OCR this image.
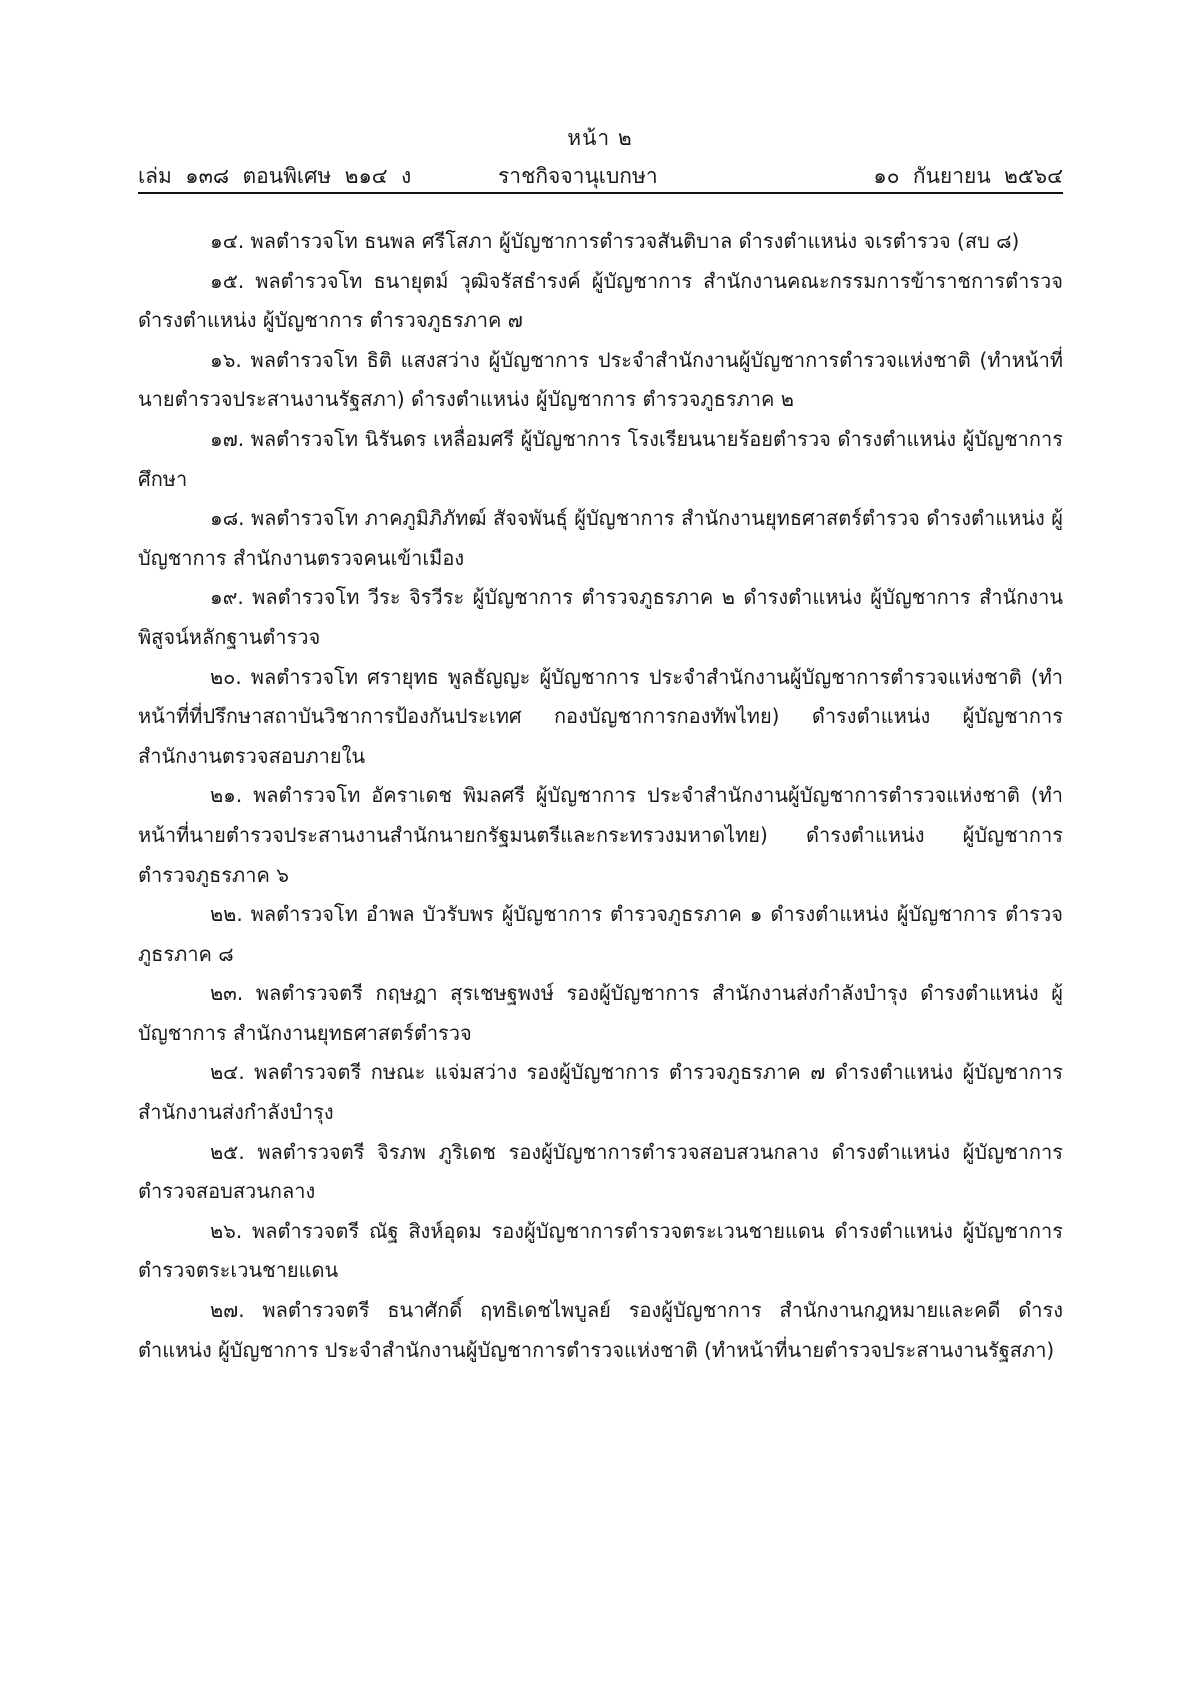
หน้า ๒
เล่ม  ๑๓๘  ตอนพิเศษ  ๒๑๔  ง	ราชกิจจานุเบกษา	๑๐  กันยายน  ๒๕๖๔

๑๔. พลตำรวจโท ธนพล ศรีโสภา ผู้บัญชาการตำรวจสันติบาล ดำรงตำแหน่ง จเรตำรวจ (สบ ๘)

๑๕. พลตำรวจโท ธนายุตม์ วุฒิจรัสธำรงค์ ผู้บัญชาการ สำนักงานคณะกรรมการข้าราชการตำรวจ ดำรงตำแหน่ง ผู้บัญชาการ ตำรวจภูธรภาค ๗

๑๖. พลตำรวจโท ธิติ แสงสว่าง ผู้บัญชาการ ประจำสำนักงานผู้บัญชาการตำรวจแห่งชาติ (ทำหน้าที่นายตำรวจประสานงานรัฐสภา) ดำรงตำแหน่ง ผู้บัญชาการ ตำรวจภูธรภาค ๒

๑๗. พลตำรวจโท นิรันดร เหลื่อมศรี ผู้บัญชาการ โรงเรียนนายร้อยตำรวจ ดำรงตำแหน่ง ผู้บัญชาการศึกษา

๑๘. พลตำรวจโท ภาคภูมิภิภัทฒ์ สัจจพันธุ์ ผู้บัญชาการ สำนักงานยุทธศาสตร์ตำรวจ ดำรงตำแหน่ง ผู้บัญชาการ สำนักงานตรวจคนเข้าเมือง

๑๙. พลตำรวจโท วีระ จิรวีระ ผู้บัญชาการ ตำรวจภูธรภาค ๒ ดำรงตำแหน่ง ผู้บัญชาการ สำนักงานพิสูจน์หลักฐานตำรวจ

๒๐. พลตำรวจโท ศรายุทธ พูลธัญญะ ผู้บัญชาการ ประจำสำนักงานผู้บัญชาการตำรวจแห่งชาติ (ทำหน้าที่ที่ปรึกษาสถาบันวิชาการป้องกันประเทศ กองบัญชาการกองทัพไทย) ดำรงตำแหน่ง ผู้บัญชาการ สำนักงานตรวจสอบภายใน

๒๑. พลตำรวจโท อัคราเดช พิมลศรี ผู้บัญชาการ ประจำสำนักงานผู้บัญชาการตำรวจแห่งชาติ (ทำหน้าที่นายตำรวจประสานงานสำนักนายกรัฐมนตรีและกระทรวงมหาดไทย) ดำรงตำแหน่ง ผู้บัญชาการ ตำรวจภูธรภาค ๖

๒๒. พลตำรวจโท อำพล บัวรับพร ผู้บัญชาการ ตำรวจภูธรภาค ๑ ดำรงตำแหน่ง ผู้บัญชาการ ตำรวจภูธรภาค ๘

๒๓. พลตำรวจตรี กฤษฎา สุรเชษฐพงษ์ รองผู้บัญชาการ สำนักงานส่งกำลังบำรุง ดำรงตำแหน่ง ผู้บัญชาการ สำนักงานยุทธศาสตร์ตำรวจ

๒๔. พลตำรวจตรี กษณะ แจ่มสว่าง รองผู้บัญชาการ ตำรวจภูธรภาค ๗ ดำรงตำแหน่ง ผู้บัญชาการ สำนักงานส่งกำลังบำรุง

๒๕. พลตำรวจตรี จิรภพ ภูริเดช รองผู้บัญชาการตำรวจสอบสวนกลาง ดำรงตำแหน่ง ผู้บัญชาการตำรวจสอบสวนกลาง

๒๖. พลตำรวจตรี ณัฐ สิงห์อุดม รองผู้บัญชาการตำรวจตระเวนชายแดน ดำรงตำแหน่ง ผู้บัญชาการตำรวจตระเวนชายแดน

๒๗. พลตำรวจตรี ธนาศักดิ์ ฤทธิเดชไพบูลย์ รองผู้บัญชาการ สำนักงานกฎหมายและคดี ดำรงตำแหน่ง ผู้บัญชาการ ประจำสำนักงานผู้บัญชาการตำรวจแห่งชาติ (ทำหน้าที่นายตำรวจประสานงานรัฐสภา)
